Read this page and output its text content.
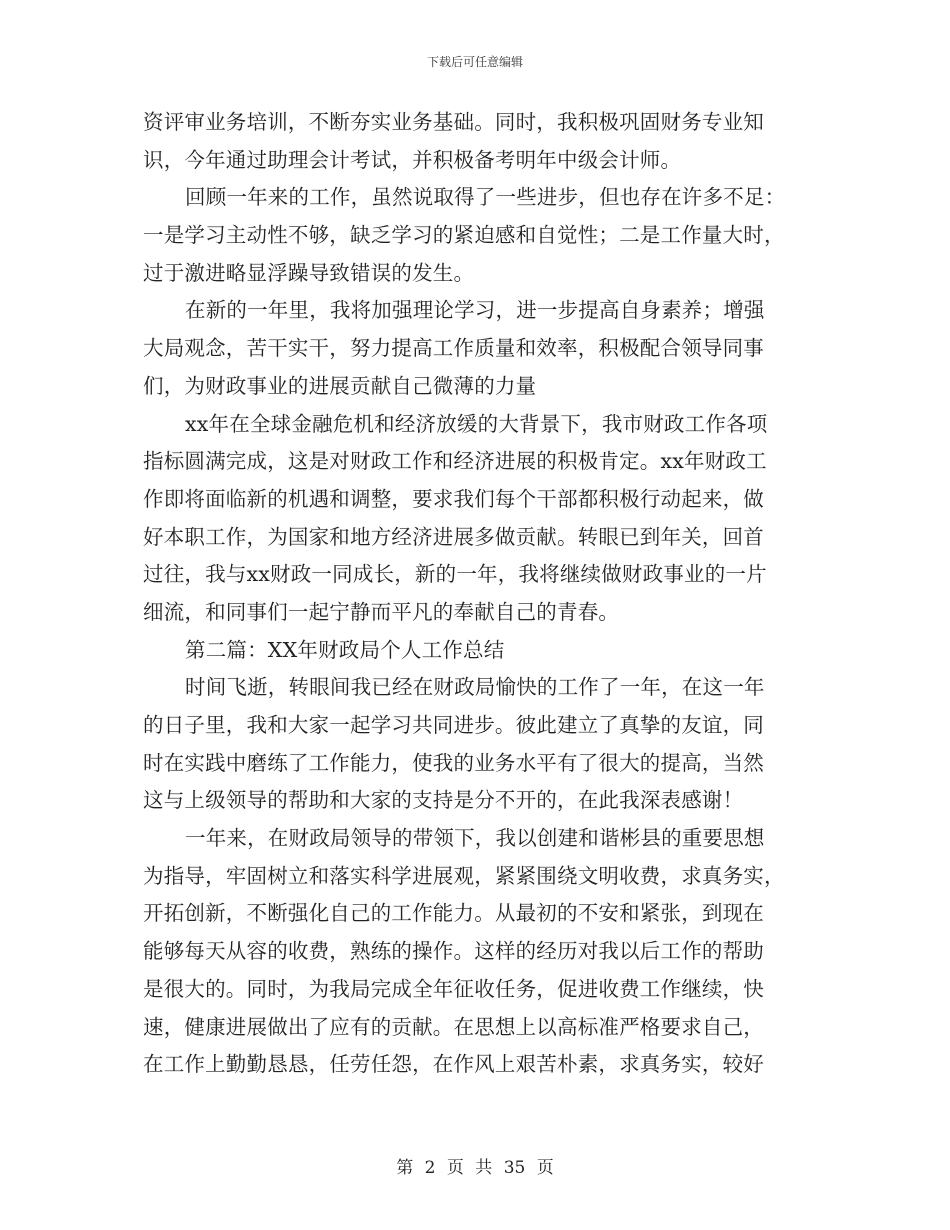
下载后可任意编辑
资评审业务培训，不断夯实业务基础。同时，我积极巩固财务专业知
识，今年通过助理会计考试，并积极备考明年中级会计师。
回顾一年来的工作，虽然说取得了一些进步，但也存在许多不足：
一是学习主动性不够，缺乏学习的紧迫感和自觉性；二是工作量大时，
过于激进略显浮躁导致错误的发生。
在新的一年里，我将加强理论学习，进一步提高自身素养；增强
大局观念，苦干实干，努力提高工作质量和效率，积极配合领导同事
们，为财政事业的进展贡献自己微薄的力量
xx年在全球金融危机和经济放缓的大背景下，我市财政工作各项
指标圆满完成，这是对财政工作和经济进展的积极肯定。xx年财政工
作即将面临新的机遇和调整，要求我们每个干部都积极行动起来，做
好本职工作，为国家和地方经济进展多做贡献。转眼已到年关，回首
过往，我与xx财政一同成长，新的一年，我将继续做财政事业的一片
细流，和同事们一起宁静而平凡的奉献自己的青春。
第二篇：XX年财政局个人工作总结
时间飞逝，转眼间我已经在财政局愉快的工作了一年，在这一年
的日子里，我和大家一起学习共同进步。彼此建立了真挚的友谊，同
时在实践中磨练了工作能力，使我的业务水平有了很大的提高，当然
这与上级领导的帮助和大家的支持是分不开的，在此我深表感谢！
一年来，在财政局领导的带领下，我以创建和谐彬县的重要思想
为指导，牢固树立和落实科学进展观，紧紧围绕文明收费，求真务实，
开拓创新，不断强化自己的工作能力。从最初的不安和紧张，到现在
能够每天从容的收费，熟练的操作。这样的经历对我以后工作的帮助
是很大的。同时，为我局完成全年征收任务，促进收费工作继续，快
速，健康进展做出了应有的贡献。在思想上以高标准严格要求自己，
在工作上勤勤恳恳，任劳任怨，在作风上艰苦朴素，求真务实，较好
第 2 页 共 35 页
